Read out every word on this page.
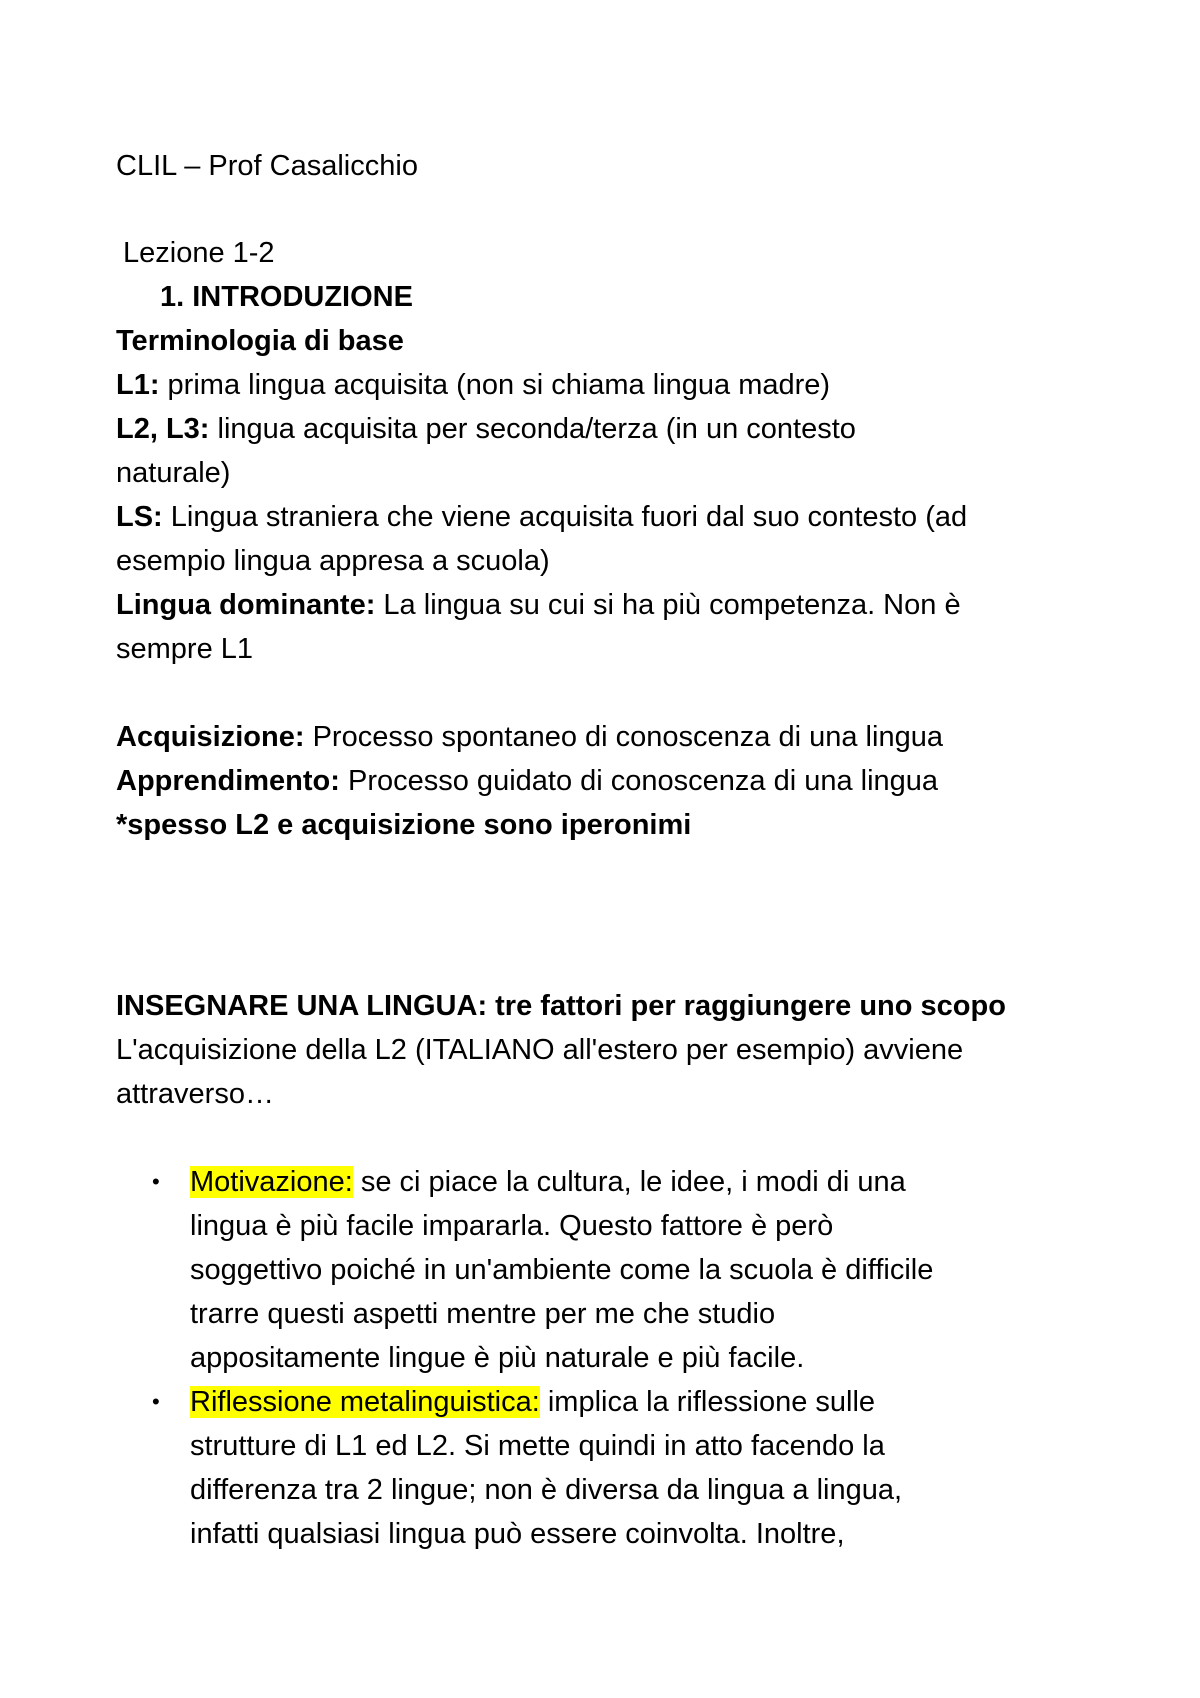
CLIL – Prof Casalicchio
Lezione 1-2
1. INTRODUZIONE
Terminologia di base
L1: prima lingua acquisita (non si chiama lingua madre)
L2, L3: lingua acquisita per seconda/terza (in un contesto
naturale)
LS: Lingua straniera che viene acquisita fuori dal suo contesto (ad
esempio lingua appresa a scuola)
Lingua dominante: La lingua su cui si ha più competenza. Non è
sempre L1
Acquisizione: Processo spontaneo di conoscenza di una lingua
Apprendimento: Processo guidato di conoscenza di una lingua
*spesso L2 e acquisizione sono iperonimi
INSEGNARE UNA LINGUA: tre fattori per raggiungere uno scopo
L'acquisizione della L2 (ITALIANO all'estero per esempio) avviene
attraverso…
• Motivazione: se ci piace la cultura, le idee, i modi di una
lingua è più facile impararla. Questo fattore è però
soggettivo poiché in un'ambiente come la scuola è difficile
trarre questi aspetti mentre per me che studio
appositamente lingue è più naturale e più facile.
• Riflessione metalinguistica: implica la riflessione sulle
strutture di L1 ed L2. Si mette quindi in atto facendo la
differenza tra 2 lingue; non è diversa da lingua a lingua,
infatti qualsiasi lingua può essere coinvolta. Inoltre,
